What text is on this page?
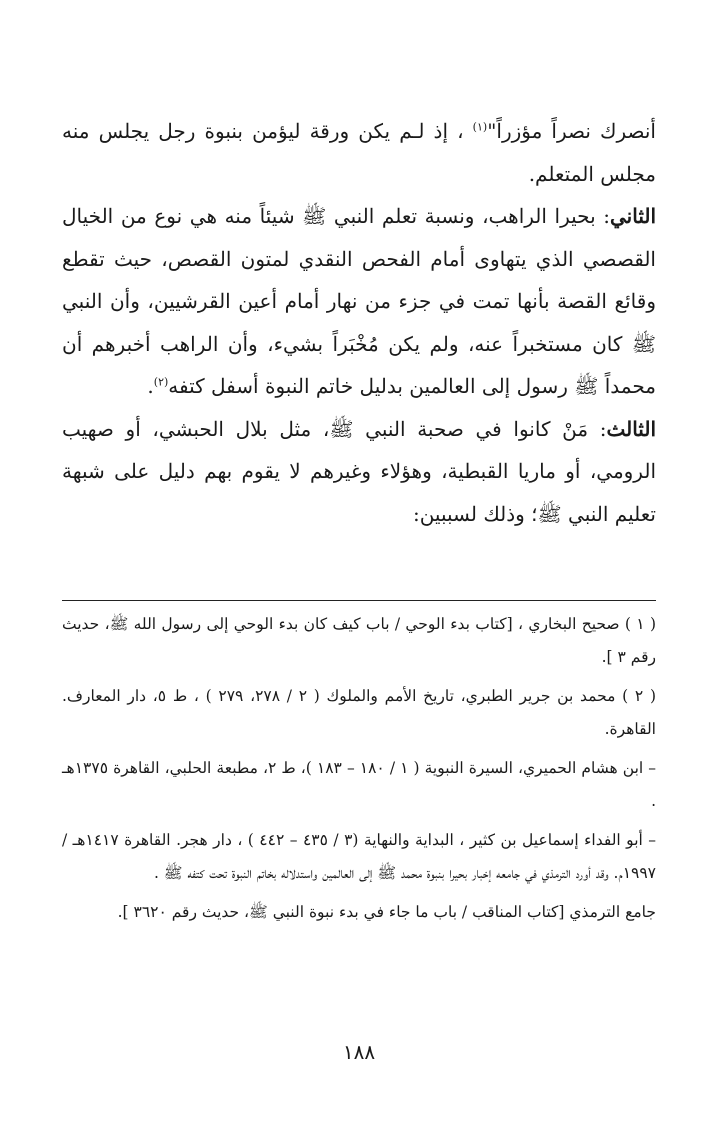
أنصرك نصراً مؤزراً"$^{(١)}$ ، إذ لـم يكن ورقة ليؤمن بنبوة رجل يجلس منه مجلس المتعلم.

الثاني: بحيرا الراهب، ونسبة تعلم النبي ﷺ شيئاً منه هي نوع من الخيال القصصي الذي يتهاوى أمام الفحص النقدي لمتون القصص، حيث تقطع وقائع القصة بأنها تمت في جزء من نهار أمام أعين القرشيين، وأن النبي ﷺ كان مستخبراً عنه، ولم يكن مُخْبَراً بشيء، وأن الراهب أخبرهم أن محمداً ﷺ رسول إلى العالمين بدليل خاتم النبوة أسفل كتفه$^{(٢)}$.

الثالث: مَنْ كانوا في صحبة النبي ﷺ، مثل بلال الحبشي، أو صهيب الرومي، أو ماريا القبطية، وهؤلاء وغيرهم لا يقوم بهم دليل على شبهة تعليم النبي ﷺ؛ وذلك لسببين:

( ١ ) صحيح البخاري ، [كتاب بدء الوحي / باب كيف كان بدء الوحي إلى رسول الله ﷺ، حديث رقم ٣ ].

( ٢ ) محمد بن جرير الطبري، تاريخ الأمم والملوك ( ٢ / ٢٧٨، ٢٧٩ ) ، ط ٥، دار المعارف. القاهرة.

– ابن هشام الحميري، السيرة النبوية ( ١ / ١٨٠ – ١٨٣ )، ط ٢، مطبعة الحلبي، القاهرة ١٣٧٥هـ .

– أبو الفداء إسماعيل بن كثير ، البداية والنهاية (٣ / ٤٣٥ – ٤٤٢ ) ، دار هجر. القاهرة ١٤١٧هـ / ١٩٩٧م. وقد أورد الترمذي في جامعه إخبار بحيرا بنبوة محمد ﷺ إلى العالمين واستدلاله بخاتم النبوة تحت كتفه ﷺ .

جامع الترمذي [كتاب المناقب / باب ما جاء في بدء نبوة النبي ﷺ، حديث رقم ٣٦٢٠ ].

١٨٨
